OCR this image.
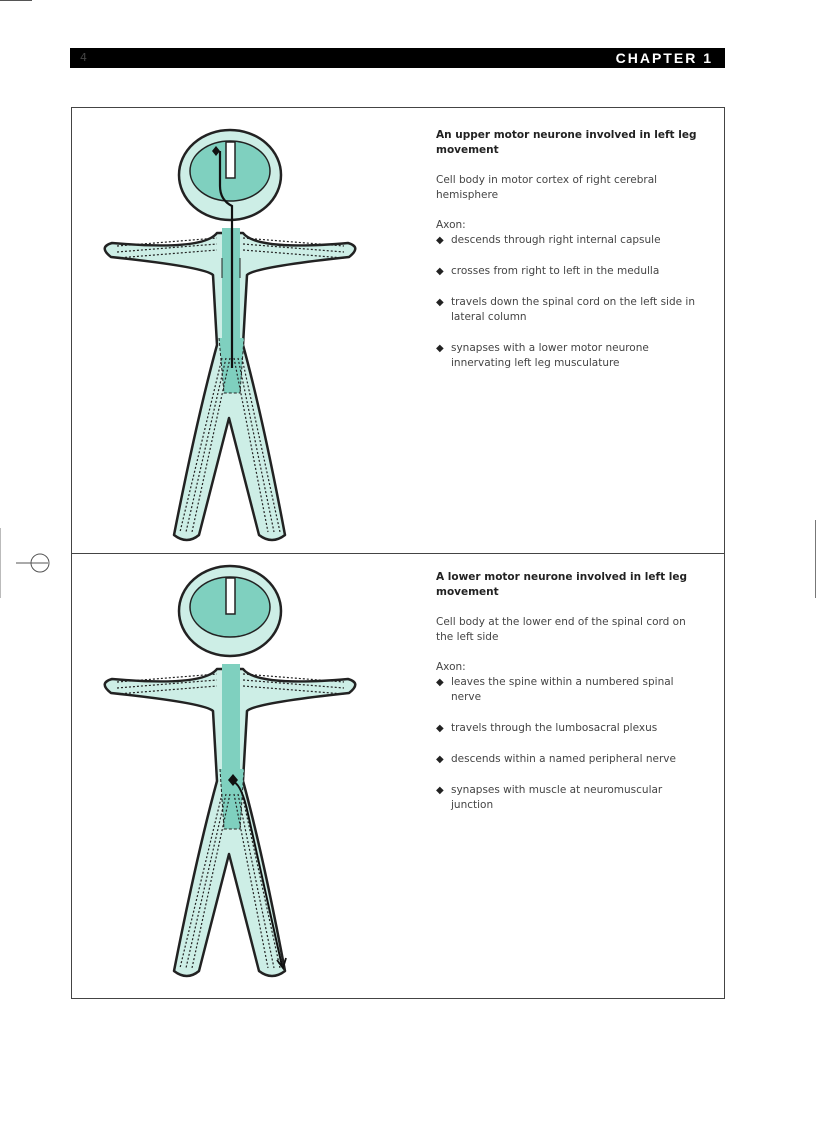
4	CHAPTER 1

An upper motor neurone involved in left leg movement

Cell body in motor cortex of right cerebral hemisphere

Axon:

◆ descends through right internal capsule
◆ crosses from right to left in the medulla
◆ travels down the spinal cord on the left side in lateral column
◆ synapses with a lower motor neurone innervating left leg musculature

A lower motor neurone involved in left leg movement

Cell body at the lower end of the spinal cord on the left side

Axon:

◆ leaves the spine within a numbered spinal nerve
◆ travels through the lumbosacral plexus
◆ descends within a named peripheral nerve
◆ synapses with muscle at neuromuscular junction
